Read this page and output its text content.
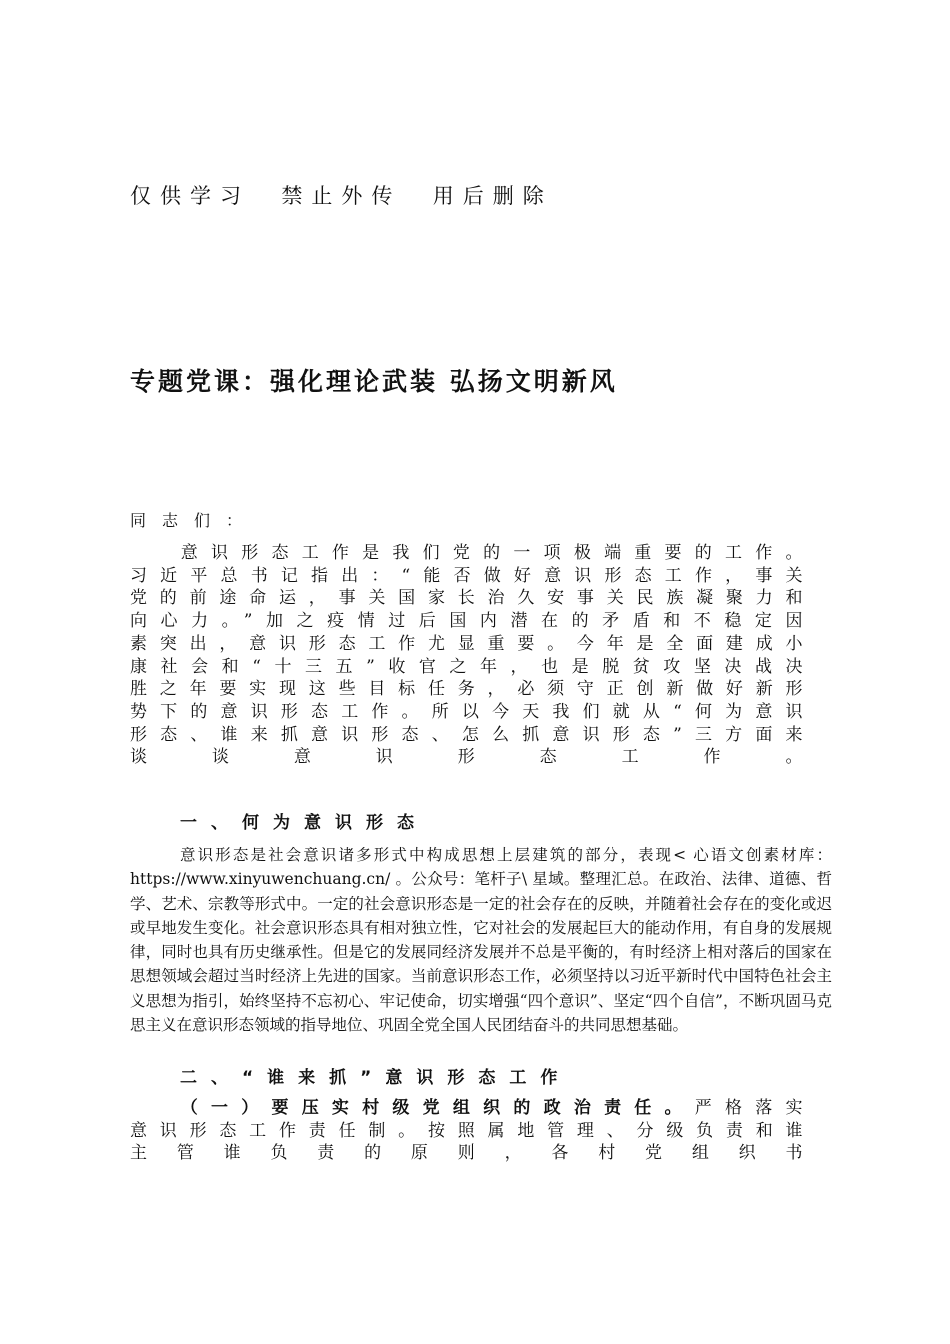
仅供学习  禁止外传  用后删除
专题党课：强化理论武装 弘扬文明新风
同志们：
意识形态工作是我们党的一项极端重要的工作。习近平总书记指出：“能否做好意识形态工作，事关党的前途命运，事关国家长治久安事关民族凝聚力和向心力。”加之疫情过后国内潜在的矛盾和不稳定因素突出，意识形态工作尤显重要。今年是全面建成小康社会和“十三五”收官之年，也是脱贫攻坚决战决胜之年要实现这些目标任务，必须守正创新做好新形势下的意识形态工作。所以今天我们就从“何为意识形态、谁来抓意识形态、怎么抓意识形态”三方面来谈谈意识形态工作。
一、何为意识形态
意识形态是社会意识诸多形式中构成思想上层建筑的部分，表现< 心语文创素材库：https://www.xinyuwenchuang.cn/ 。公众号：笔杆子\ 星域。整理汇总。在政治、法律、道德、哲学、艺术、宗教等形式中。一定的社会意识形态是一定的社会存在的反映，并随着社会存在的变化或迟或早地发生变化。社会意识形态具有相对独立性，它对社会的发展起巨大的能动作用，有自身的发展规律，同时也具有历史继承性。但是它的发展同经济发展并不总是平衡的，有时经济上相对落后的国家在思想领域会超过当时经济上先进的国家。当前意识形态工作，必须坚持以习近平新时代中国特色社会主义思想为指引，始终坚持不忘初心、牢记使命，切实增强“四个意识”、坚定“四个自信”，不断巩固马克思主义在意识形态领域的指导地位、巩固全党全国人民团结奋斗的共同思想基础。
二、“谁来抓”意识形态工作
（一）要压实村级党组织的政治责任。严格落实意识形态工作责任制。按照属地管理、分级负责和谁主管谁负责的原则，各村党组织书
